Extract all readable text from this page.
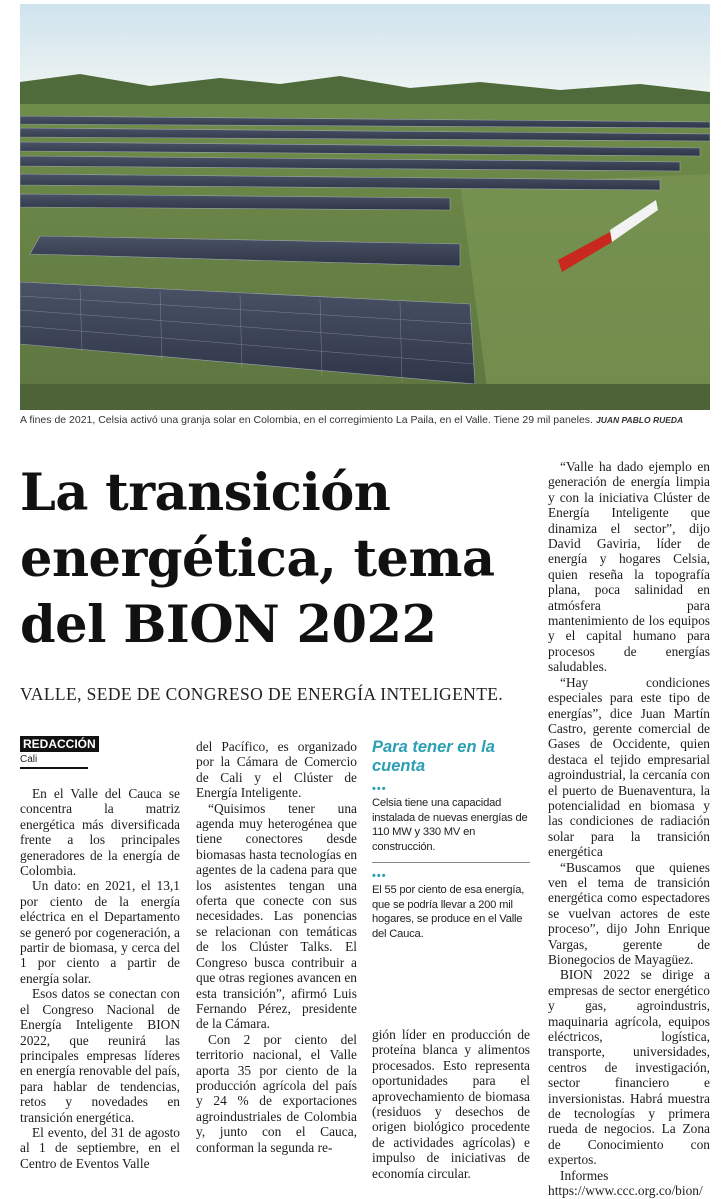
A fines de 2021, Celsia activó una granja solar en Colombia, en el corregimiento La Paila, en el Valle. Tiene 29 mil paneles. JUAN PABLO RUEDA
La transición
energética, tema
del BION 2022
VALLE, SEDE DE CONGRESO DE ENERGÍA INTELIGENTE.
REDACCIÓN
Cali

En el Valle del Cauca se concentra la matriz energética más diversificada frente a los principales generadores de la energía de Colombia.

Un dato: en 2021, el 13,1 por ciento de la energía eléctrica en el Departamento se generó por cogeneración, a partir de biomasa, y cerca del 1 por ciento a partir de energía solar.

Esos datos se conectan con el Congreso Nacional de Energía Inteligente BION 2022, que reunirá las principales empresas líderes en energía renovable del país, para hablar de tendencias, retos y novedades en transición energética.

El evento, del 31 de agosto al 1 de septiembre, en el Centro de Eventos Valle

del Pacífico, es organizado por la Cámara de Comercio de Cali y el Clúster de Energía Inteligente.

“Quisimos tener una agenda muy heterogénea que tiene conectores desde biomasas hasta tecnologías en agentes de la cadena para que los asistentes tengan una oferta que conecte con sus necesidades. Las ponencias se relacionan con temáticas de los Clúster Talks. El Congreso busca contribuir a que otras regiones avancen en esta transición”, afirmó Luis Fernando Pérez, presidente de la Cámara.

Con 2 por ciento del territorio nacional, el Valle aporta 35 por ciento de la producción agrícola del país y 24 % de exportaciones agroindustriales de Colombia y, junto con el Cauca, conforman la segunda re-

Para tener en la cuenta
•••
Celsia tiene una capacidad instalada de nuevas energías de 110 MW y 330 MV en construcción.
•••
El 55 por ciento de esa energía, que se podría llevar a 200 mil hogares, se produce en el Valle del Cauca.

gión líder en producción de proteína blanca y alimentos procesados. Esto representa oportunidades para el aprovechamiento de biomasa (residuos y desechos de origen biológico procedente de actividades agrícolas) e impulso de iniciativas de economía circular.

“Valle ha dado ejemplo en generación de energía limpia y con la iniciativa Clúster de Energía Inteligente que dinamiza el sector”, dijo David Gaviria, líder de energía y hogares Celsia, quien reseña la topografía plana, poca salinidad en atmósfera para mantenimiento de los equipos y el capital humano para procesos de energías saludables.

“Hay condiciones especiales para este tipo de energías”, dice Juan Martín Castro, gerente comercial de Gases de Occidente, quien destaca el tejido empresarial agroindustrial, la cercanía con el puerto de Buenaventura, la potencialidad en biomasa y las condiciones de radiación solar para la transición energética

“Buscamos que quienes ven el tema de transición energética como espectadores se vuelvan actores de este proceso”, dijo John Enrique Vargas, gerente de Bionegocios de Mayagüez.

BION 2022 se dirige a empresas de sector energético y gas, agroindustris, maquinaria agrícola, equipos eléctricos, logística, transporte, universidades, centros de investigación, sector financiero e inversionistas. Habrá muestra de tecnologías y primera rueda de negocios. La Zona de Conocimiento con expertos.

Informes https://www.ccc.org.co/bion/
